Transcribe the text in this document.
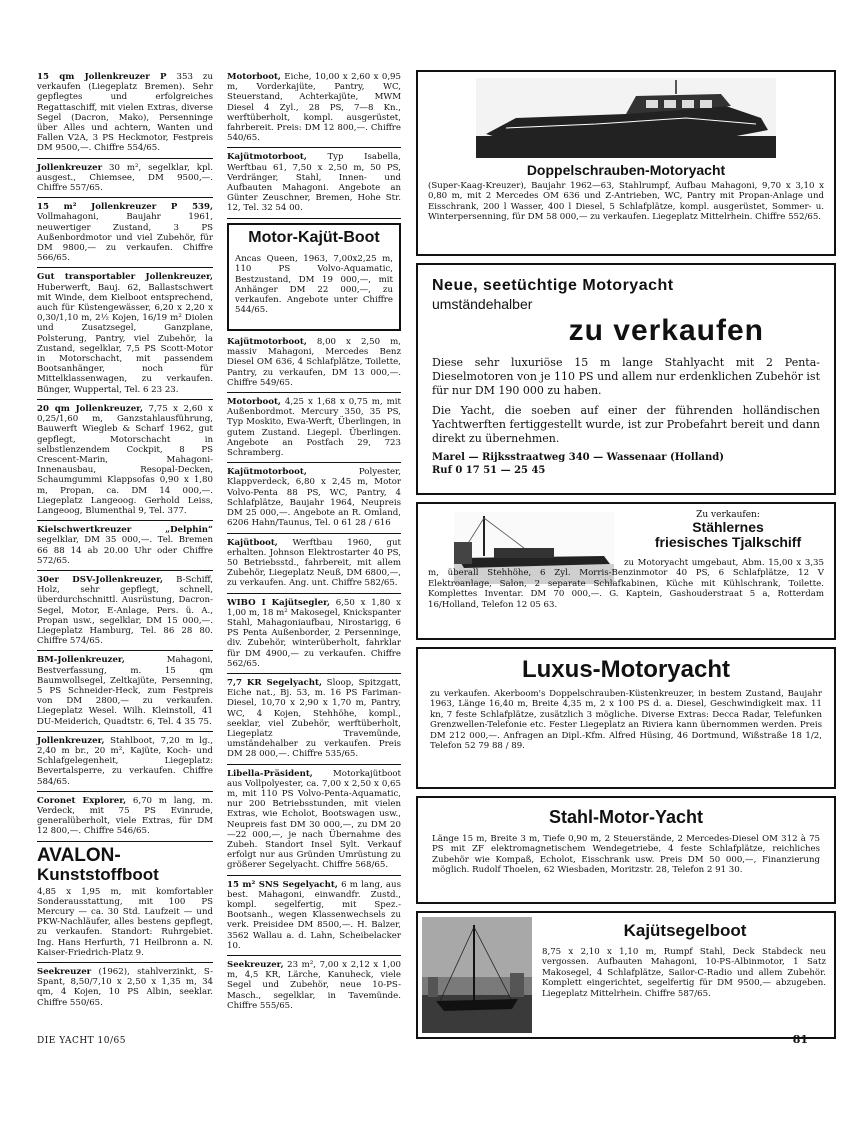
15 qm Jollenkreuzer P 353 zu verkaufen (Liegeplatz Bremen). Sehr gepflegtes und erfolgreiches Regattaschiff, mit vielen Extras, diverse Segel (Dacron, Mako), Persenninge über Alles und achtern, Wanten und Fallen V2A, 3 PS Heckmotor, Festpreis DM 9500,—. Chiffre 554/65.

Jollenkreuzer 30 m², segelklar, kpl. ausgest., Chiemsee, DM 9500,—. Chiffre 557/65.

15 m² Jollenkreuzer P 539, Vollmahagoni, Baujahr 1961, neuwertiger Zustand, 3 PS Außenbordmotor und viel Zubehör, für DM 9800,— zu verkaufen. Chiffre 566/65.

Gut transportabler Jollenkreuzer, Huberwerft, Bauj. 62, Ballastschwert mit Winde, dem Kielboot entsprechend, auch für Küstengewässer, 6,20 x 2,20 x 0,30/1,10 m, 2½ Kojen, 16/19 m² Diolen und Zusatzsegel, Ganzplane, Polsterung, Pantry, viel Zubehör, la Zustand, segelklar, 7,5 PS Scott-Motor in Motorschacht, mit passendem Bootsanhänger, noch für Mittelklassenwagen, zu verkaufen. Bünger, Wuppertal, Tel. 6 23 23.

20 qm Jollenkreuzer, 7,75 x 2,60 x 0,25/1,60 m, Ganzstahlausführung, Bauwerft Wiegleb & Scharf 1962, gut gepflegt, Motorschacht in selbstlenzendem Cockpit, 8 PS Crescent-Marin, Mahagoni-Innenausbau, Resopal-Decken, Schaumgummi Klappsofas 0,90 x 1,80 m, Propan, ca. DM 14 000,—. Liegeplatz Langeoog. Gerhold Leiss, Langeoog, Blumenthal 9, Tel. 377.

Kielschwertkreuzer „Delphin“ segelklar, DM 35 000,—. Tel. Bremen 66 88 14 ab 20.00 Uhr oder Chiffre 572/65.

30er DSV-Jollenkreuzer, B-Schiff, Holz, sehr gepflegt, schnell, überdurchschnittl. Ausrüstung, Dacron-Segel, Motor, E-Anlage, Pers. ü. A., Propan usw., segelklar, DM 15 000,—. Liegeplatz Hamburg, Tel. 86 28 80. Chiffre 574/65.

BM-Jollenkreuzer, Mahagoni, Bestverfassung, m. 15 qm Baumwollsegel, Zeltkajüte, Persenning, 5 PS Schneider-Heck, zum Festpreis von DM 2800,— zu verkaufen. Liegeplatz Wesel. Wilh. Kleinstoll, 41 DU-Meiderich, Quadtstr. 6, Tel. 4 35 75.

Jollenkreuzer, Stahlboot, 7,20 m lg., 2,40 m br., 20 m², Kajüte, Koch- und Schlafgelegenheit, Liegeplatz: Bevertalsperre, zu verkaufen. Chiffre 584/65.

Coronet Explorer, 6,70 m lang, m. Verdeck, mit 75 PS Evinrude, generalüberholt, viele Extras, für DM 12 800,—. Chiffre 546/65.

AVALON-
Kunststoffboot

4,85 x 1,95 m, mit komfortabler Sonderausstattung, mit 100 PS Mercury — ca. 30 Std. Laufzeit — und PKW-Nachläufer, alles bestens gepflegt, zu verkaufen. Standort: Ruhrgebiet. Ing. Hans Herfurth, 71 Heilbronn a. N. Kaiser-Friedrich-Platz 9.

Seekreuzer (1962), stahlverzinkt, S-Spant, 8,50/7,10 x 2,50 x 1,35 m, 34 qm, 4 Kojen, 10 PS Albin, seeklar. Chiffre 550/65.

Motorboot, Eiche, 10,00 x 2,60 x 0,95 m, Vorderkajüte, Pantry, WC, Steuerstand, Achterkajüte, MWM Diesel 4 Zyl., 28 PS, 7—8 Kn., werftüberholt, kompl. ausgerüstet, fahrbereit. Preis: DM 12 800,—. Chiffre 540/65.

Kajütmotorboot, Typ Isabella, Werftbau 61, 7,50 x 2,50 m, 50 PS, Verdränger, Stahl, Innen- und Aufbauten Mahagoni. Angebote an Günter Zeuschner, Bremen, Hohe Str. 12, Tel. 32 54 00.

Motor-Kajüt-Boot

Ancas Queen, 1963, 7,00x2,25 m, 110 PS Volvo-Aquamatic, Bestzustand, DM 19 000,—, mit Anhänger DM 22 000,—, zu verkaufen. Angebote unter Chiffre 544/65.

Kajütmotorboot, 8,00 x 2,50 m, massiv Mahagoni, Mercedes Benz Diesel OM 636, 4 Schlafplätze, Toilette, Pantry, zu verkaufen, DM 13 000,—. Chiffre 549/65.

Motorboot, 4,25 x 1,68 x 0,75 m, mit Außenbordmot. Mercury 350, 35 PS, Typ Moskito, Ewa-Werft, Überlingen, in gutem Zustand. Liegepl. Überlingen. Angebote an Postfach 29, 723 Schramberg.

Kajütmotorboot, Polyester, Klappverdeck, 6,80 x 2,45 m, Motor Volvo-Penta 88 PS, WC, Pantry, 4 Schlafplätze, Baujahr 1964, Neupreis DM 25 000,—. Angebote an R. Omland, 6206 Hahn/Taunus, Tel. 0 61 28 / 616

Kajütboot, Werftbau 1960, gut erhalten. Johnson Elektrostarter 40 PS, 50 Betriebsstd., fahrbereit, mit allem Zubehör, Liegeplatz Neuß, DM 6800,—, zu verkaufen. Ang. unt. Chiffre 582/65.

WIBO I Kajütsegler, 6,50 x 1,80 x 1,00 m, 18 m² Makosegel, Knickspanter Stahl, Mahagoniaufbau, Nirostarigg, 6 PS Penta Außenborder, 2 Persenninge, div. Zubehör, winterüberholt, fahrklar für DM 4900,— zu verkaufen. Chiffre 562/65.

7,7 KR Segelyacht, Sloop, Spitzgatt, Eiche nat., Bj. 53, m. 16 PS Fariman-Diesel, 10,70 x 2,90 x 1,70 m, Pantry, WC, 4 Kojen, Stehhöhe, kompl., seeklar, viel Zubehör, werftüberholt, Liegeplatz Travemünde, umständehalber zu verkaufen. Preis DM 28 000,—. Chiffre 535/65.

Libella-Präsident, Motorkajütboot aus Vollpolyester, ca. 7,00 x 2,50 x 0,65 m, mit 110 PS Volvo-Penta-Aquamatic, nur 200 Betriebsstunden, mit vielen Extras, wie Echolot, Bootswagen usw., Neupreis fast DM 30 000,—, zu DM 20—22 000,—, je nach Übernahme des Zubeh. Standort Insel Sylt. Verkauf erfolgt nur aus Gründen Umrüstung zu größerer Segelyacht. Chiffre 568/65.

15 m² SNS Segelyacht, 6 m lang, aus best. Mahagoni, einwandfr. Zustd., kompl. segelfertig, mit Spez.-Bootsanh., wegen Klassenwechsels zu verk. Preisidee DM 8500,—. H. Balzer, 3562 Wallau a. d. Lahn, Scheibelacker 10.

Seekreuzer, 23 m², 7,00 x 2,12 x 1,00 m, 4,5 KR, Lärche, Kanuheck, viele Segel und Zubehör, neue 10-PS-Masch., segelklar, in Tavemünde. Chiffre 555/65.

Doppelschrauben-Motoryacht
(Super-Kaag-Kreuzer), Baujahr 1962—63, Stahlrumpf, Aufbau Mahagoni, 9,70 x 3,10 x 0,80 m, mit 2 Mercedes OM 636 und Z-Antrieben, WC, Pantry mit Propan-Anlage und Eisschrank, 200 l Wasser, 400 l Diesel, 5 Schlafplätze, kompl. ausgerüstet, Sommer- u. Winterpersenning, für DM 58 000,— zu verkaufen. Liegeplatz Mittelrhein. Chiffre 552/65.
Neue, seetüchtige Motoryacht
umständehalber
zu verkaufen
Diese sehr luxuriöse 15 m lange Stahlyacht mit 2 Penta-Dieselmotoren von je 110 PS und allem nur erdenklichen Zubehör ist für nur DM 190 000 zu haben.
Die Yacht, die soeben auf einer der führenden holländischen Yachtwerften fertiggestellt wurde, ist zur Probefahrt bereit und dann direkt zu übernehmen.
Marel — Rijksstraatweg 340 — Wassenaar (Holland)
Ruf 0 17 51 — 25 45
Zu verkaufen:
Stählernes
friesisches Tjalkschiff
zu Motoryacht umgebaut, Abm. 15,00 x 3,35 m, überall Stehhöhe, 6 Zyl. Morris-Benzinmotor 40 PS, 6 Schlafplätze, 12 V Elektroanlage, Salon, 2 separate Schlafkabinen, Küche mit Kühlschrank, Toilette. Komplettes Inventar. DM 70 000,—. G. Kaptein, Gashouderstraat 5 a, Rotterdam 16/Holland, Telefon 12 05 63.
Luxus-Motoryacht
zu verkaufen. Akerboom's Doppelschrauben-Küstenkreuzer, in bestem Zustand, Baujahr 1963, Länge 16,40 m, Breite 4,35 m, 2 x 100 PS d. a. Diesel, Geschwindigkeit max. 11 kn, 7 feste Schlafplätze, zusätzlich 3 mögliche. Diverse Extras: Decca Radar, Telefunken Grenzwellen-Telefonie etc. Fester Liegeplatz an Riviera kann übernommen werden. Preis DM 212 000,—. Anfragen an Dipl.-Kfm. Alfred Hüsing, 46 Dortmund, Wißstraße 18 1/2, Telefon 52 79 88 / 89.
Stahl-Motor-Yacht
Länge 15 m, Breite 3 m, Tiefe 0,90 m, 2 Steuerstände, 2 Mercedes-Diesel OM 312 à 75 PS mit ZF elektromagnetischem Wendegetriebe, 4 feste Schlafplätze, reichliches Zubehör wie Kompaß, Echolot, Eisschrank usw. Preis DM 50 000,—, Finanzierung möglich. Rudolf Thoelen, 62 Wiesbaden, Moritzstr. 28, Telefon 2 91 30.
Kajütsegelboot
8,75 x 2,10 x 1,10 m, Rumpf Stahl, Deck Stabdeck neu vergossen. Aufbauten Mahagoni, 10-PS-Albinmotor, 1 Satz Makosegel, 4 Schlafplätze, Sailor-C-Radio und allem Zubehör. Komplett eingerichtet, segelfertig für DM 9500,— abzugeben. Liegeplatz Mittelrhein. Chiffre 587/65.
DIE YACHT 10/65	81
